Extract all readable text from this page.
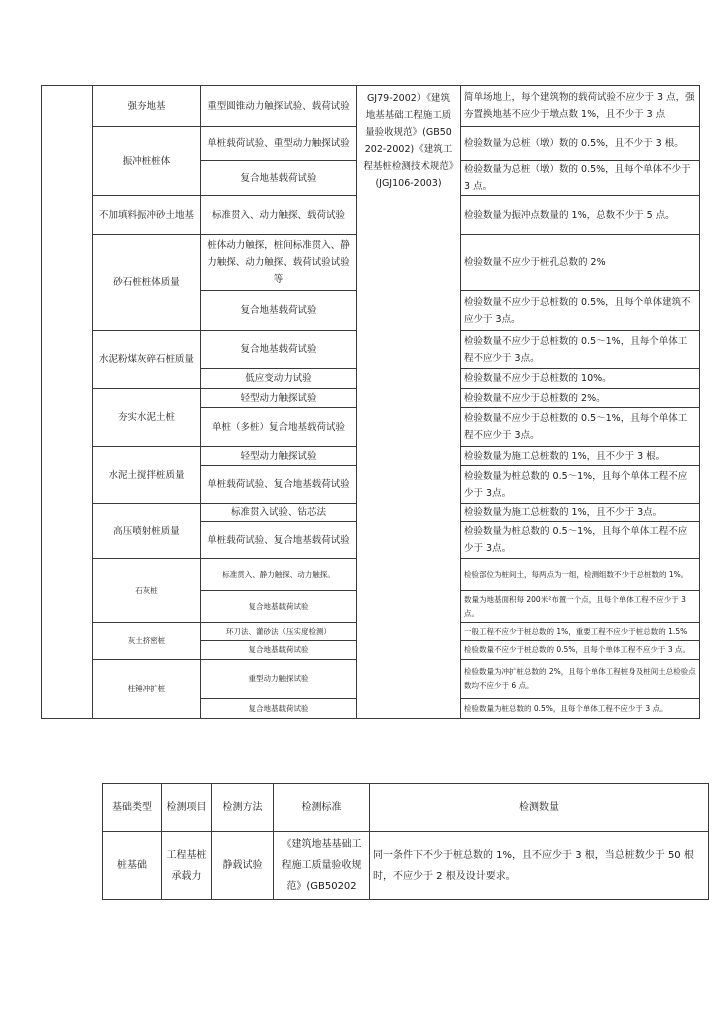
	强夯地基	重型圆锥动力触探试验、载荷试验	GJ79-2002）《建筑地基基础工程施工质量验收规范》(GB50202-2002)《建筑工程基桩检测技术规范》(JGJ106-2003)	简单场地上，每个建筑物的载荷试验不应少于 3 点，强夯置换地基不应少于墩点数 1%，且不少于 3 点
	振冲桩桩体	单桩载荷试验、重型动力触探试验		检验数量为总桩（墩）数的 0.5%，且不少于 3 根。
		复合地基载荷试验		检验数量为总桩（墩）数的 0.5%，且每个单体不少于 3 点。
	不加填料振冲砂土地基	标准贯入、动力触探、载荷试验		检验数量为振冲点数量的 1%，总数不少于 5 点。
	砂石桩桩体质量	桩体动力触探，桩间标准贯入、静力触探、动力触探、载荷试验试验等		检验数量不应少于桩孔总数的 2%
		复合地基载荷试验		检验数量不应少于总桩数的 0.5%，且每个单体建筑不应少于 3点。
	水泥粉煤灰碎石桩质量	复合地基载荷试验		检验数量不应少于总桩数的 0.5～1%，且每个单体工程不应少于 3点。
		低应变动力试验		检验数量不应少于总桩数的 10%。
	夯实水泥土桩	轻型动力触探试验		检验数量不应少于总桩数的 2%。
		单桩（多桩）复合地基载荷试验		检验数量不应少于总桩数的 0.5～1%，且每个单体工程不应少于 3点。
	水泥土搅拌桩质量	轻型动力触探试验		检验数量为施工总桩数的 1%，且不少于 3 根。
		单桩载荷试验、复合地基载荷试验		检验数量为桩总数的 0.5～1%，且每个单体工程不应少于 3点。
	高压喷射桩质量	标准贯入试验、钻芯法		检验数量为施工总桩数的 1%，且不少于 3点。
		单桩载荷试验、复合地基载荷试验		检验数量为桩总数的 0.5～1%，且每个单体工程不应少于 3点。
	石灰桩	标准贯入、静力触探、动力触探。		检验部位为桩间土，每两点为一组，检测组数不少于总桩数的 1%。
		复合地基载荷试验		数量为地基面积每 200米²布置一个点，且每个单体工程不应少于 3 点。
	灰土挤密桩	环刀法、灌砂法（压实度检测）		一般工程不应少于桩总数的 1%，重要工程不应少于桩总数的 1.5%
		复合地基载荷试验		检验数量不应少于桩总数的 0.5%，且每个单体工程不应少于 3 点。
	柱锤冲扩桩	重型动力触探试验		检验数量为冲扩桩总数的 2%，且每个单体工程桩身及桩间土总检验点数均不应少于 6 点。
		复合地基载荷试验		检验数量为桩总数的 0.5%，且每个单体工程不应少于 3 点。
基础类型	检测项目	检测方法	检测标准	检测数量
桩基础	工程基桩承载力	静载试验	《建筑地基基础工程施工质量验收规范》(GB50202	同一条件下不少于桩总数的 1%，且不应少于 3 根，当总桩数少于 50 根时，不应少于 2 根及设计要求。
